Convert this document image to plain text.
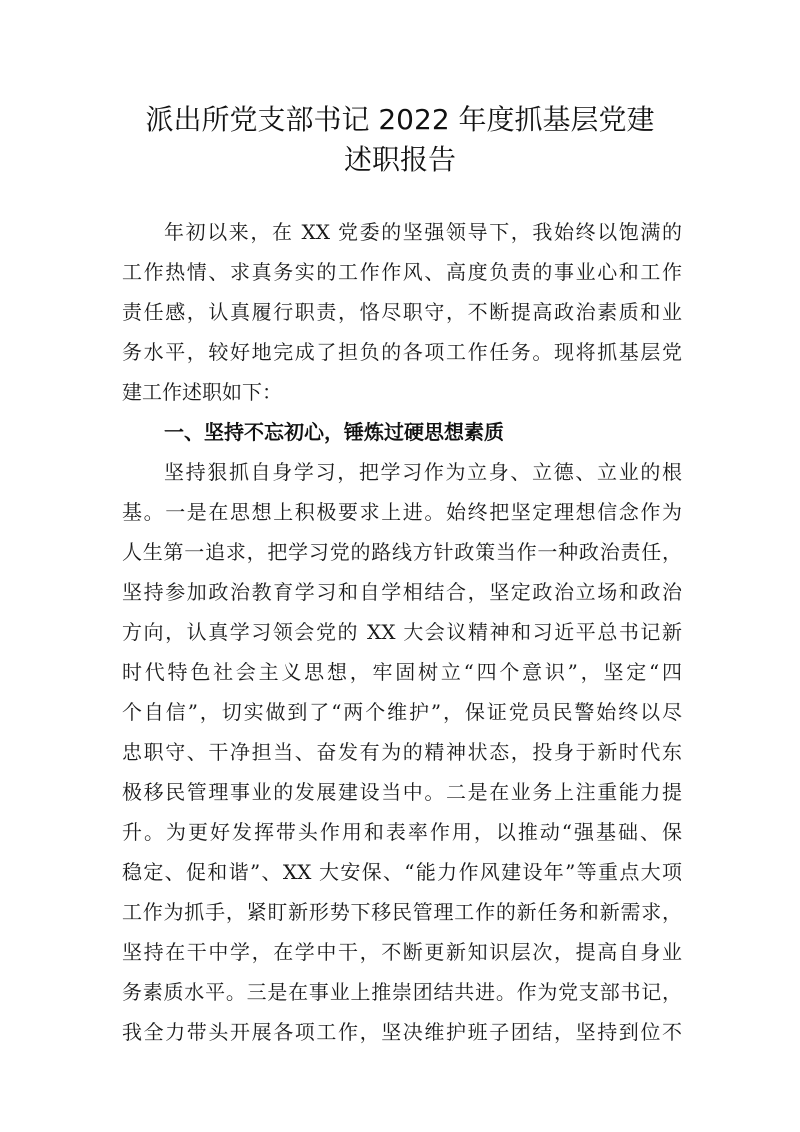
派出所党支部书记 2022 年度抓基层党建
述职报告
年初以来，在 XX 党委的坚强领导下，我始终以饱满的
工作热情、求真务实的工作作风、高度负责的事业心和工作
责任感，认真履行职责，恪尽职守，不断提高政治素质和业
务水平，较好地完成了担负的各项工作任务。现将抓基层党
建工作述职如下：
一、坚持不忘初心，锤炼过硬思想素质
坚持狠抓自身学习，把学习作为立身、立德、立业的根
基。一是在思想上积极要求上进。始终把坚定理想信念作为
人生第一追求，把学习党的路线方针政策当作一种政治责任，
坚持参加政治教育学习和自学相结合，坚定政治立场和政治
方向，认真学习领会党的 XX 大会议精神和习近平总书记新
时代特色社会主义思想，牢固树立“四个意识”，坚定“四
个自信”，切实做到了“两个维护”，保证党员民警始终以尽
忠职守、干净担当、奋发有为的精神状态，投身于新时代东
极移民管理事业的发展建设当中。二是在业务上注重能力提
升。为更好发挥带头作用和表率作用，以推动“强基础、保
稳定、促和谐”、XX 大安保、“能力作风建设年”等重点大项
工作为抓手，紧盯新形势下移民管理工作的新任务和新需求，
坚持在干中学，在学中干，不断更新知识层次，提高自身业
务素质水平。三是在事业上推崇团结共进。作为党支部书记，
我全力带头开展各项工作，坚决维护班子团结，坚持到位不
